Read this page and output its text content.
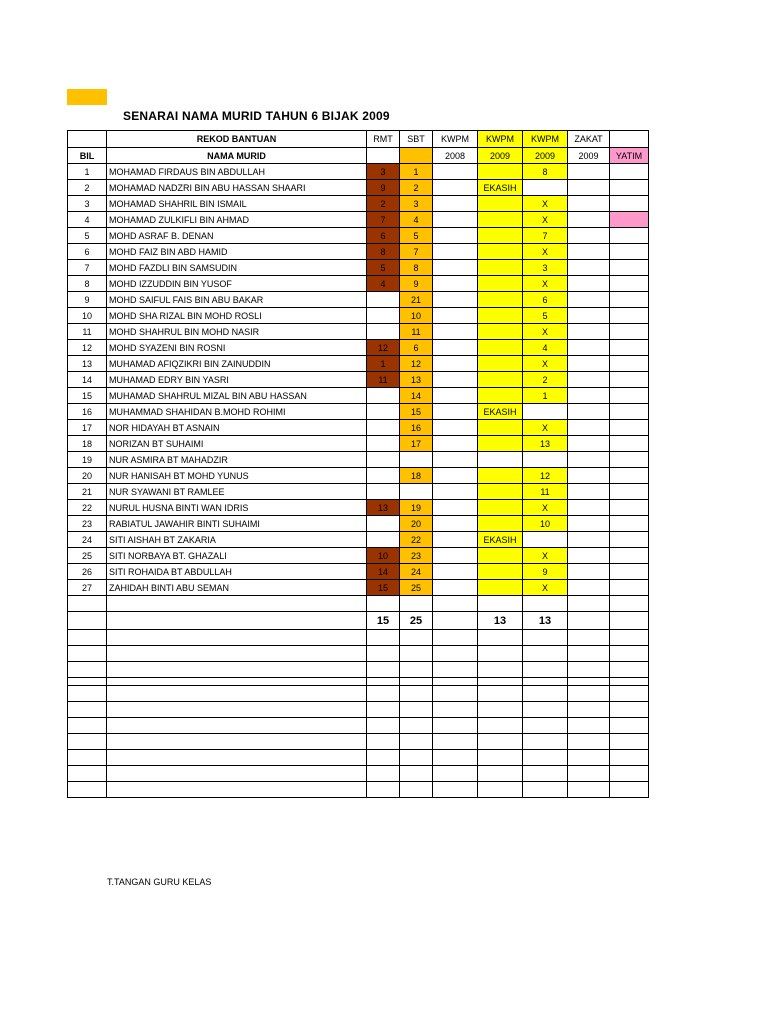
SENARAI NAMA MURID TAHUN 6 BIJAK 2009
	REKOD BANTUAN	RMT	SBT	KWPM	KWPM	KWPM	ZAKAT	
BIL	NAMA MURID			2008	2009	2009	2009	YATIM
1	MOHAMAD FIRDAUS BIN ABDULLAH	3	1			8		
2	MOHAMAD NADZRI BIN ABU HASSAN SHAARI	9	2		EKASIH			
3	MOHAMAD SHAHRIL BIN ISMAIL	2	3			X		
4	MOHAMAD ZULKIFLI BIN AHMAD	7	4			X		
5	MOHD ASRAF B. DENAN	6	5			7		
6	MOHD FAIZ BIN ABD HAMID	8	7			X		
7	MOHD FAZDLI BIN SAMSUDIN	5	8			3		
8	MOHD IZZUDDIN BIN YUSOF	4	9			X		
9	MOHD SAIFUL FAIS BIN ABU BAKAR		21			6		
10	MOHD SHA RIZAL BIN MOHD ROSLI		10			5		
11	MOHD SHAHRUL BIN MOHD NASIR		11			X		
12	MOHD SYAZENI BIN ROSNI	12	6			4		
13	MUHAMAD AFIQZIKRI BIN ZAINUDDIN	1	12			X		
14	MUHAMAD EDRY BIN YASRI	11	13			2		
15	MUHAMAD SHAHRUL MIZAL BIN ABU HASSAN		14			1		
16	MUHAMMAD SHAHIDAN B.MOHD ROHIMI		15		EKASIH			
17	NOR HIDAYAH BT ASNAIN		16			X		
18	NORIZAN BT SUHAIMI		17			13		
19	NUR ASMIRA BT MAHADZIR							
20	NUR HANISAH BT MOHD YUNUS		18			12		
21	NUR SYAWANI BT RAMLEE					11		
22	NURUL HUSNA BINTI WAN IDRIS	13	19			X		
23	RABIATUL JAWAHIR BINTI SUHAIMI		20			10		
24	SITI AISHAH BT ZAKARIA		22		EKASIH			
25	SITI NORBAYA BT. GHAZALI	10	23			X		
26	SITI ROHAIDA BT ABDULLAH	14	24			9		
27	ZAHIDAH BINTI ABU SEMAN	15	25			X		

		15	25		13	13		

T.TANGAN GURU KELAS
